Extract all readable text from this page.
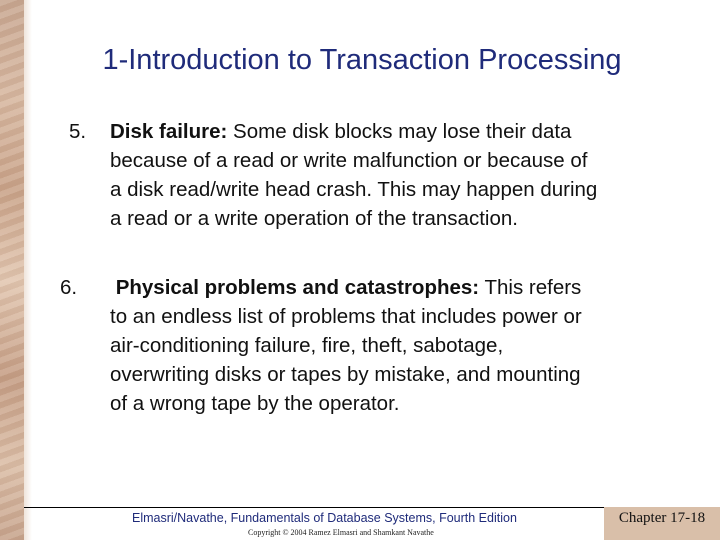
1-Introduction to Transaction Processing
5. Disk failure: Some disk blocks may lose their data
because of a read or write malfunction or because of
a disk read/write head crash. This may happen during
a read or a write operation of the transaction.
6. Physical problems and catastrophes: This refers
to an endless list of problems that includes power or
air-conditioning failure, fire, theft, sabotage,
overwriting disks or tapes by mistake, and mounting
of a wrong tape by the operator.
Elmasri/Navathe, Fundamentals of Database Systems, Fourth Edition
Copyright © 2004 Ramez Elmasri and Shamkant Navathe
Chapter 17-18
